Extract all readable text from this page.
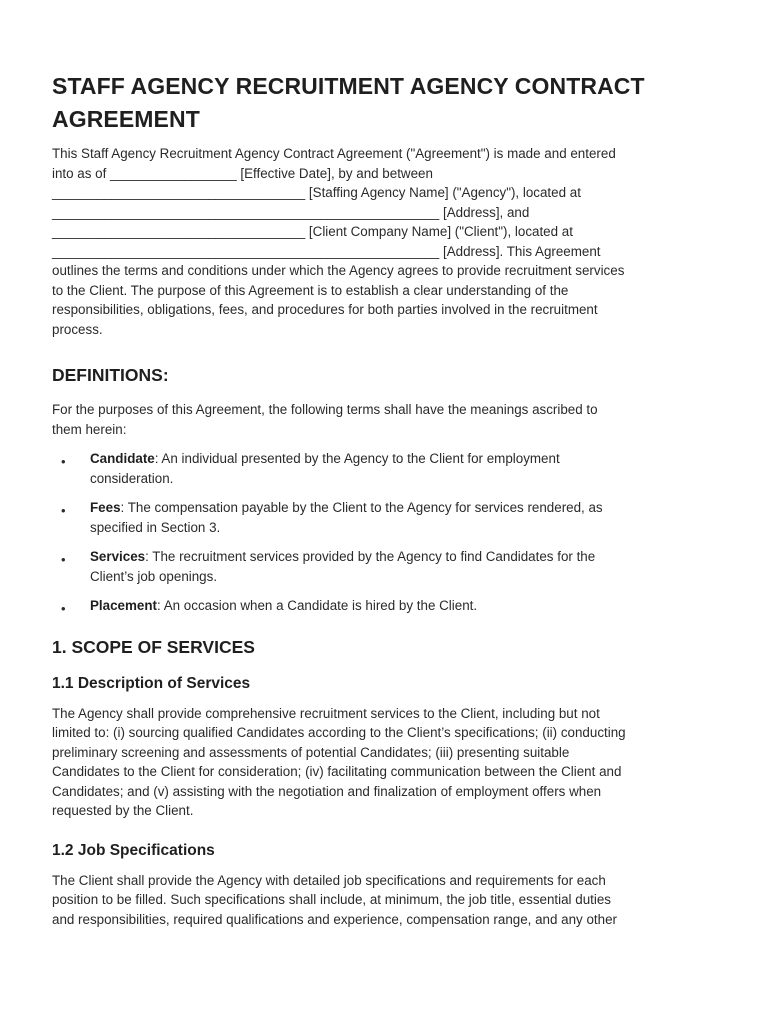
STAFF AGENCY RECRUITMENT AGENCY CONTRACT AGREEMENT

This Staff Agency Recruitment Agency Contract Agreement ("Agreement") is made and entered
into as of _________________ [Effective Date], by and between
__________________________________ [Staffing Agency Name] ("Agency"), located at
____________________________________________________ [Address], and
__________________________________ [Client Company Name] ("Client"), located at
____________________________________________________ [Address]. This Agreement
outlines the terms and conditions under which the Agency agrees to provide recruitment services
to the Client. The purpose of this Agreement is to establish a clear understanding of the
responsibilities, obligations, fees, and procedures for both parties involved in the recruitment
process.

DEFINITIONS:

For the purposes of this Agreement, the following terms shall have the meanings ascribed to
them herein:

• Candidate: An individual presented by the Agency to the Client for employment
consideration.
• Fees: The compensation payable by the Client to the Agency for services rendered, as
specified in Section 3.
• Services: The recruitment services provided by the Agency to find Candidates for the
Client’s job openings.
• Placement: An occasion when a Candidate is hired by the Client.
1. SCOPE OF SERVICES
1.1 Description of Services

The Agency shall provide comprehensive recruitment services to the Client, including but not
limited to: (i) sourcing qualified Candidates according to the Client’s specifications; (ii) conducting
preliminary screening and assessments of potential Candidates; (iii) presenting suitable
Candidates to the Client for consideration; (iv) facilitating communication between the Client and
Candidates; and (v) assisting with the negotiation and finalization of employment offers when
requested by the Client.

1.2 Job Specifications

The Client shall provide the Agency with detailed job specifications and requirements for each
position to be filled. Such specifications shall include, at minimum, the job title, essential duties
and responsibilities, required qualifications and experience, compensation range, and any other
